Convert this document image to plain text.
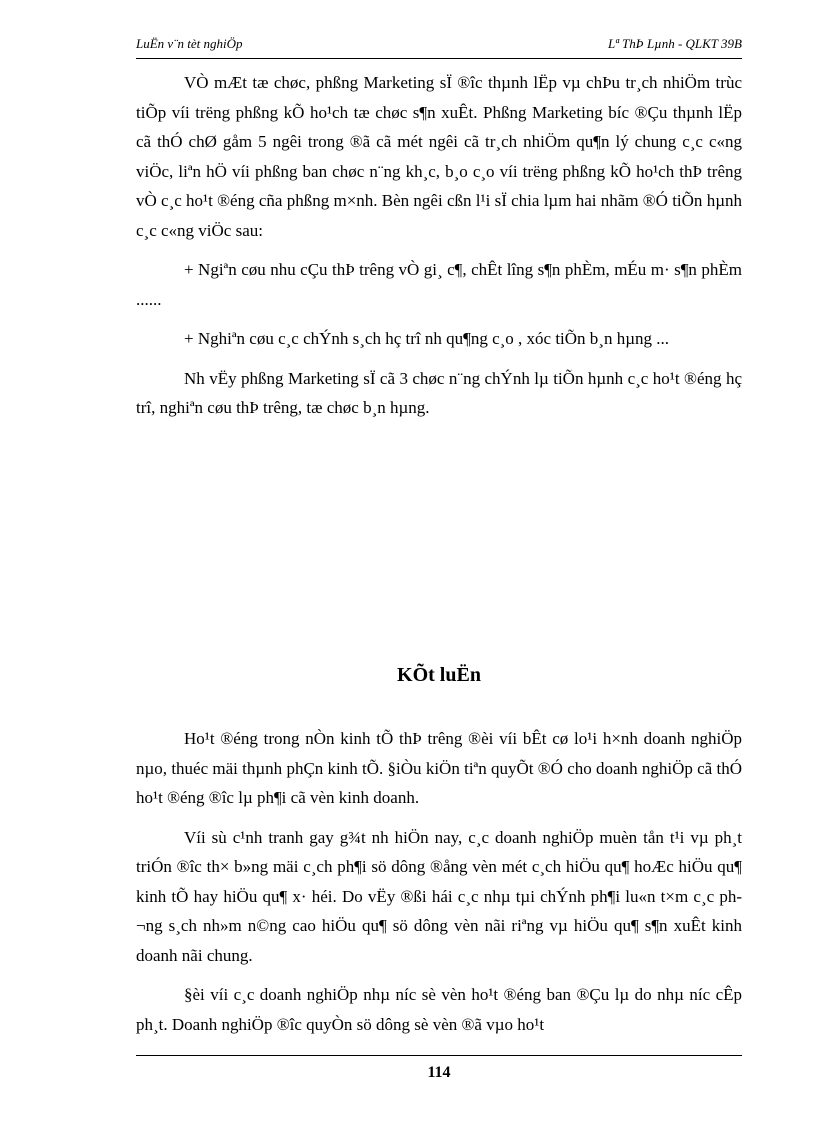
LuËn v¨n tèt nghiÖp	Lª ThÞ Lµnh - QLKT 39B

VÒ mÆt tæ chøc, phßng Marketing sÏ ®îc thµnh lËp vµ chÞu tr¸ch nhiÖm trùc tiÕp víi trëng phßng kÕ ho¹ch tæ chøc s¶n xuÊt. Phßng Marketing bíc ®Çu thµnh lËp cã thÓ chØ gåm 5 ngêi trong ®ã cã mét ngêi cã tr¸ch nhiÖm qu¶n lý chung c¸c c«ng viÖc, liªn hÖ víi phßng ban chøc n¨ng kh¸c, b¸o c¸o víi trëng phßng kÕ ho¹ch thÞ trêng vÒ c¸c ho¹t ®éng cña phßng m×nh. Bèn ngêi cßn l¹i sÏ chia lµm hai nhãm ®Ó tiÕn hµnh c¸c c«ng viÖc sau:

+ Ngiªn cøu nhu cÇu thÞ trêng vÒ gi¸ c¶, chÊt lîng s¶n phÈm, mÉu m· s¶n phÈm ......

+ Nghiªn cøu c¸c chÝnh s¸ch hç trî nh qu¶ng c¸o , xóc tiÕn b¸n hµng ...

Nh vËy phßng Marketing sÏ cã 3 chøc n¨ng chÝnh lµ tiÕn hµnh c¸c ho¹t ®éng hç trî, nghiªn cøu thÞ trêng, tæ chøc b¸n hµng.

KÕt luËn

Ho¹t ®éng trong nÒn kinh tÕ thÞ trêng ®èi víi bÊt cø lo¹i h×nh doanh nghiÖp nµo, thuéc mäi thµnh phÇn kinh tÕ. §iÒu kiÖn tiªn quyÕt ®Ó cho doanh nghiÖp cã thÓ ho¹t ®éng ®îc lµ ph¶i cã vèn kinh doanh.

Víi sù c¹nh tranh gay g¾t nh hiÖn nay, c¸c doanh nghiÖp muèn tån t¹i vµ ph¸t triÓn ®îc th× b»ng mäi c¸ch ph¶i sö dông ®ång vèn mét c¸ch hiÖu qu¶ hoÆc hiÖu qu¶ kinh tÕ hay hiÖu qu¶ x· héi. Do vËy ®ßi hái c¸c nhµ tµi chÝnh ph¶i lu«n t×m c¸c ph¬ng s¸ch nh»m n©ng cao hiÖu qu¶ sö dông vèn nãi riªng vµ hiÖu qu¶ s¶n xuÊt kinh doanh nãi chung.

§èi víi c¸c doanh nghiÖp nhµ níc sè vèn ho¹t ®éng ban ®Çu lµ do nhµ níc cÊp ph¸t. Doanh nghiÖp ®îc quyÒn sö dông sè vèn ®ã vµo ho¹t

114
